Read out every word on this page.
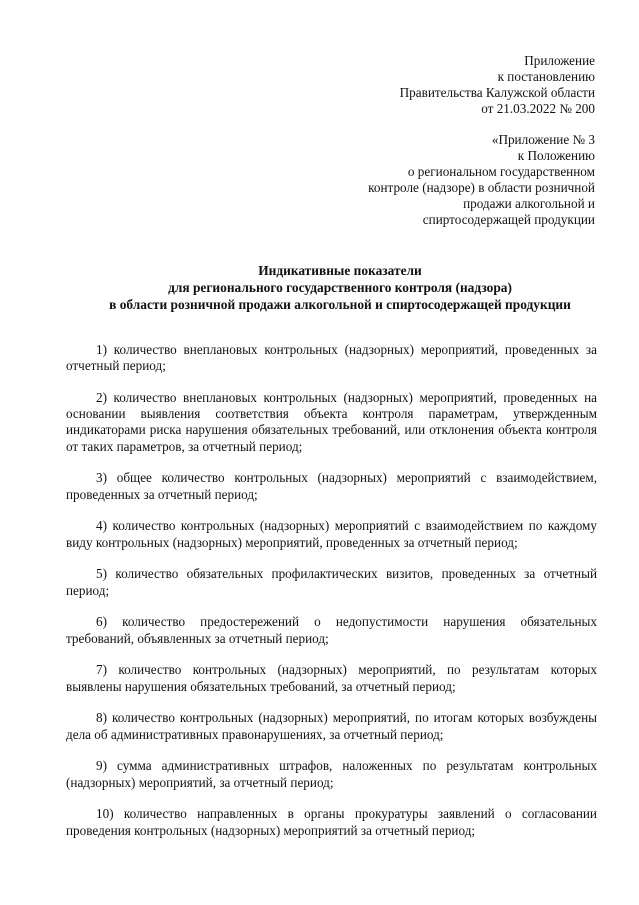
Приложение
к постановлению
Правительства Калужской области
от 21.03.2022 № 200
«Приложение № 3
к Положению
о региональном государственном
контроле (надзоре) в области розничной
продажи алкогольной и
спиртосодержащей продукции
Индикативные показатели
для регионального государственного контроля (надзора)
в области розничной продажи алкогольной и спиртосодержащей продукции

1) количество внеплановых контрольных (надзорных) мероприятий, проведенных за отчетный период;

2) количество внеплановых контрольных (надзорных) мероприятий, проведенных на основании выявления соответствия объекта контроля параметрам, утвержденным индикаторами риска нарушения обязательных требований, или отклонения объекта контроля от таких параметров, за отчетный период;

3) общее количество контрольных (надзорных) мероприятий с взаимодействием, проведенных за отчетный период;

4) количество контрольных (надзорных) мероприятий с взаимодействием по каждому виду контрольных (надзорных) мероприятий, проведенных за отчетный период;

5) количество обязательных профилактических визитов, проведенных за отчетный период;

6) количество предостережений о недопустимости нарушения обязательных требований, объявленных за отчетный период;

7) количество контрольных (надзорных) мероприятий, по результатам которых выявлены нарушения обязательных требований, за отчетный период;

8) количество контрольных (надзорных) мероприятий, по итогам которых возбуждены дела об административных правонарушениях, за отчетный период;

9) сумма административных штрафов, наложенных по результатам контрольных (надзорных) мероприятий, за отчетный период;

10) количество направленных в органы прокуратуры заявлений о согласовании проведения контрольных (надзорных) мероприятий за отчетный период;
